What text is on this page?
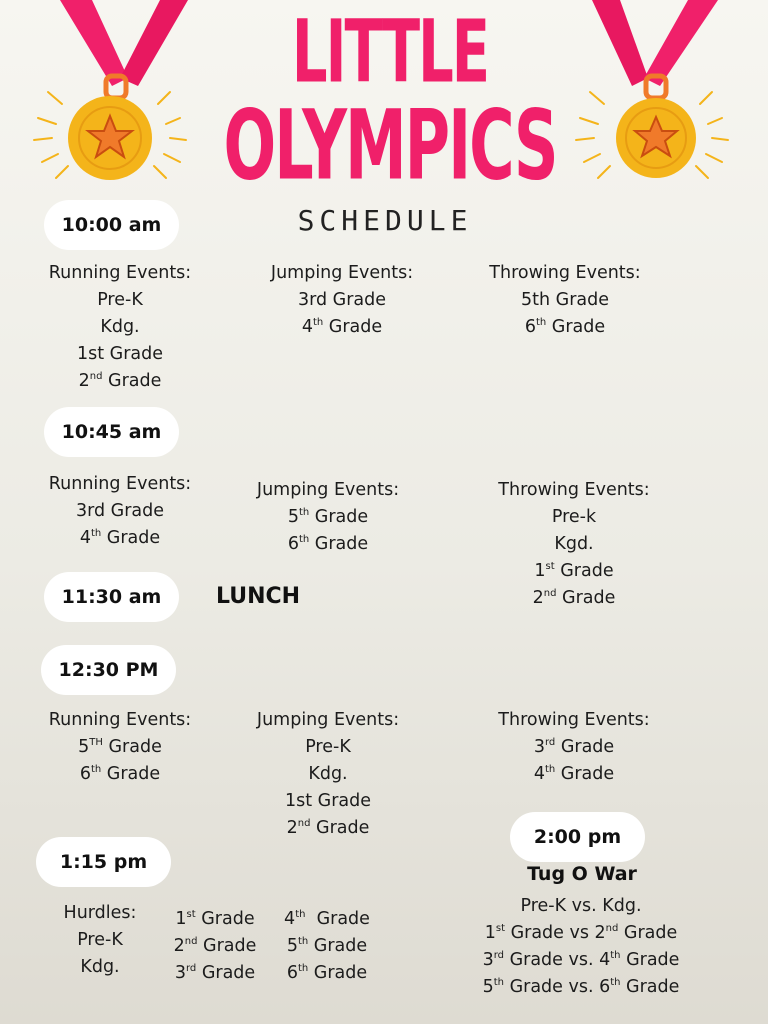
LITTLE
OLYMPICS
SCHEDULE
10:00 am
Running Events:
Pre-K
Kdg.
1st Grade
2nd Grade
Jumping Events:
3rd Grade
4th Grade
Throwing Events:
5th Grade
6th Grade
10:45 am
Running Events:
3rd Grade
4th Grade
Jumping Events:
5th Grade
6th Grade
Throwing Events:
Pre-k
Kgd.
1st Grade
2nd Grade
11:30 am	LUNCH
12:30 PM
Running Events:
5TH Grade
6th Grade
Jumping Events:
Pre-K
Kdg.
1st Grade
2nd Grade
Throwing Events:
3rd Grade
4th Grade
2:00 pm
Tug O War
Pre-K vs. Kdg.
1st Grade vs 2nd Grade
3rd Grade vs. 4th Grade
5th Grade vs. 6th Grade
1:15 pm
Hurdles:
Pre-K
Kdg.
1st Grade
2nd Grade
3rd Grade
4th  Grade
5th Grade
6th Grade
